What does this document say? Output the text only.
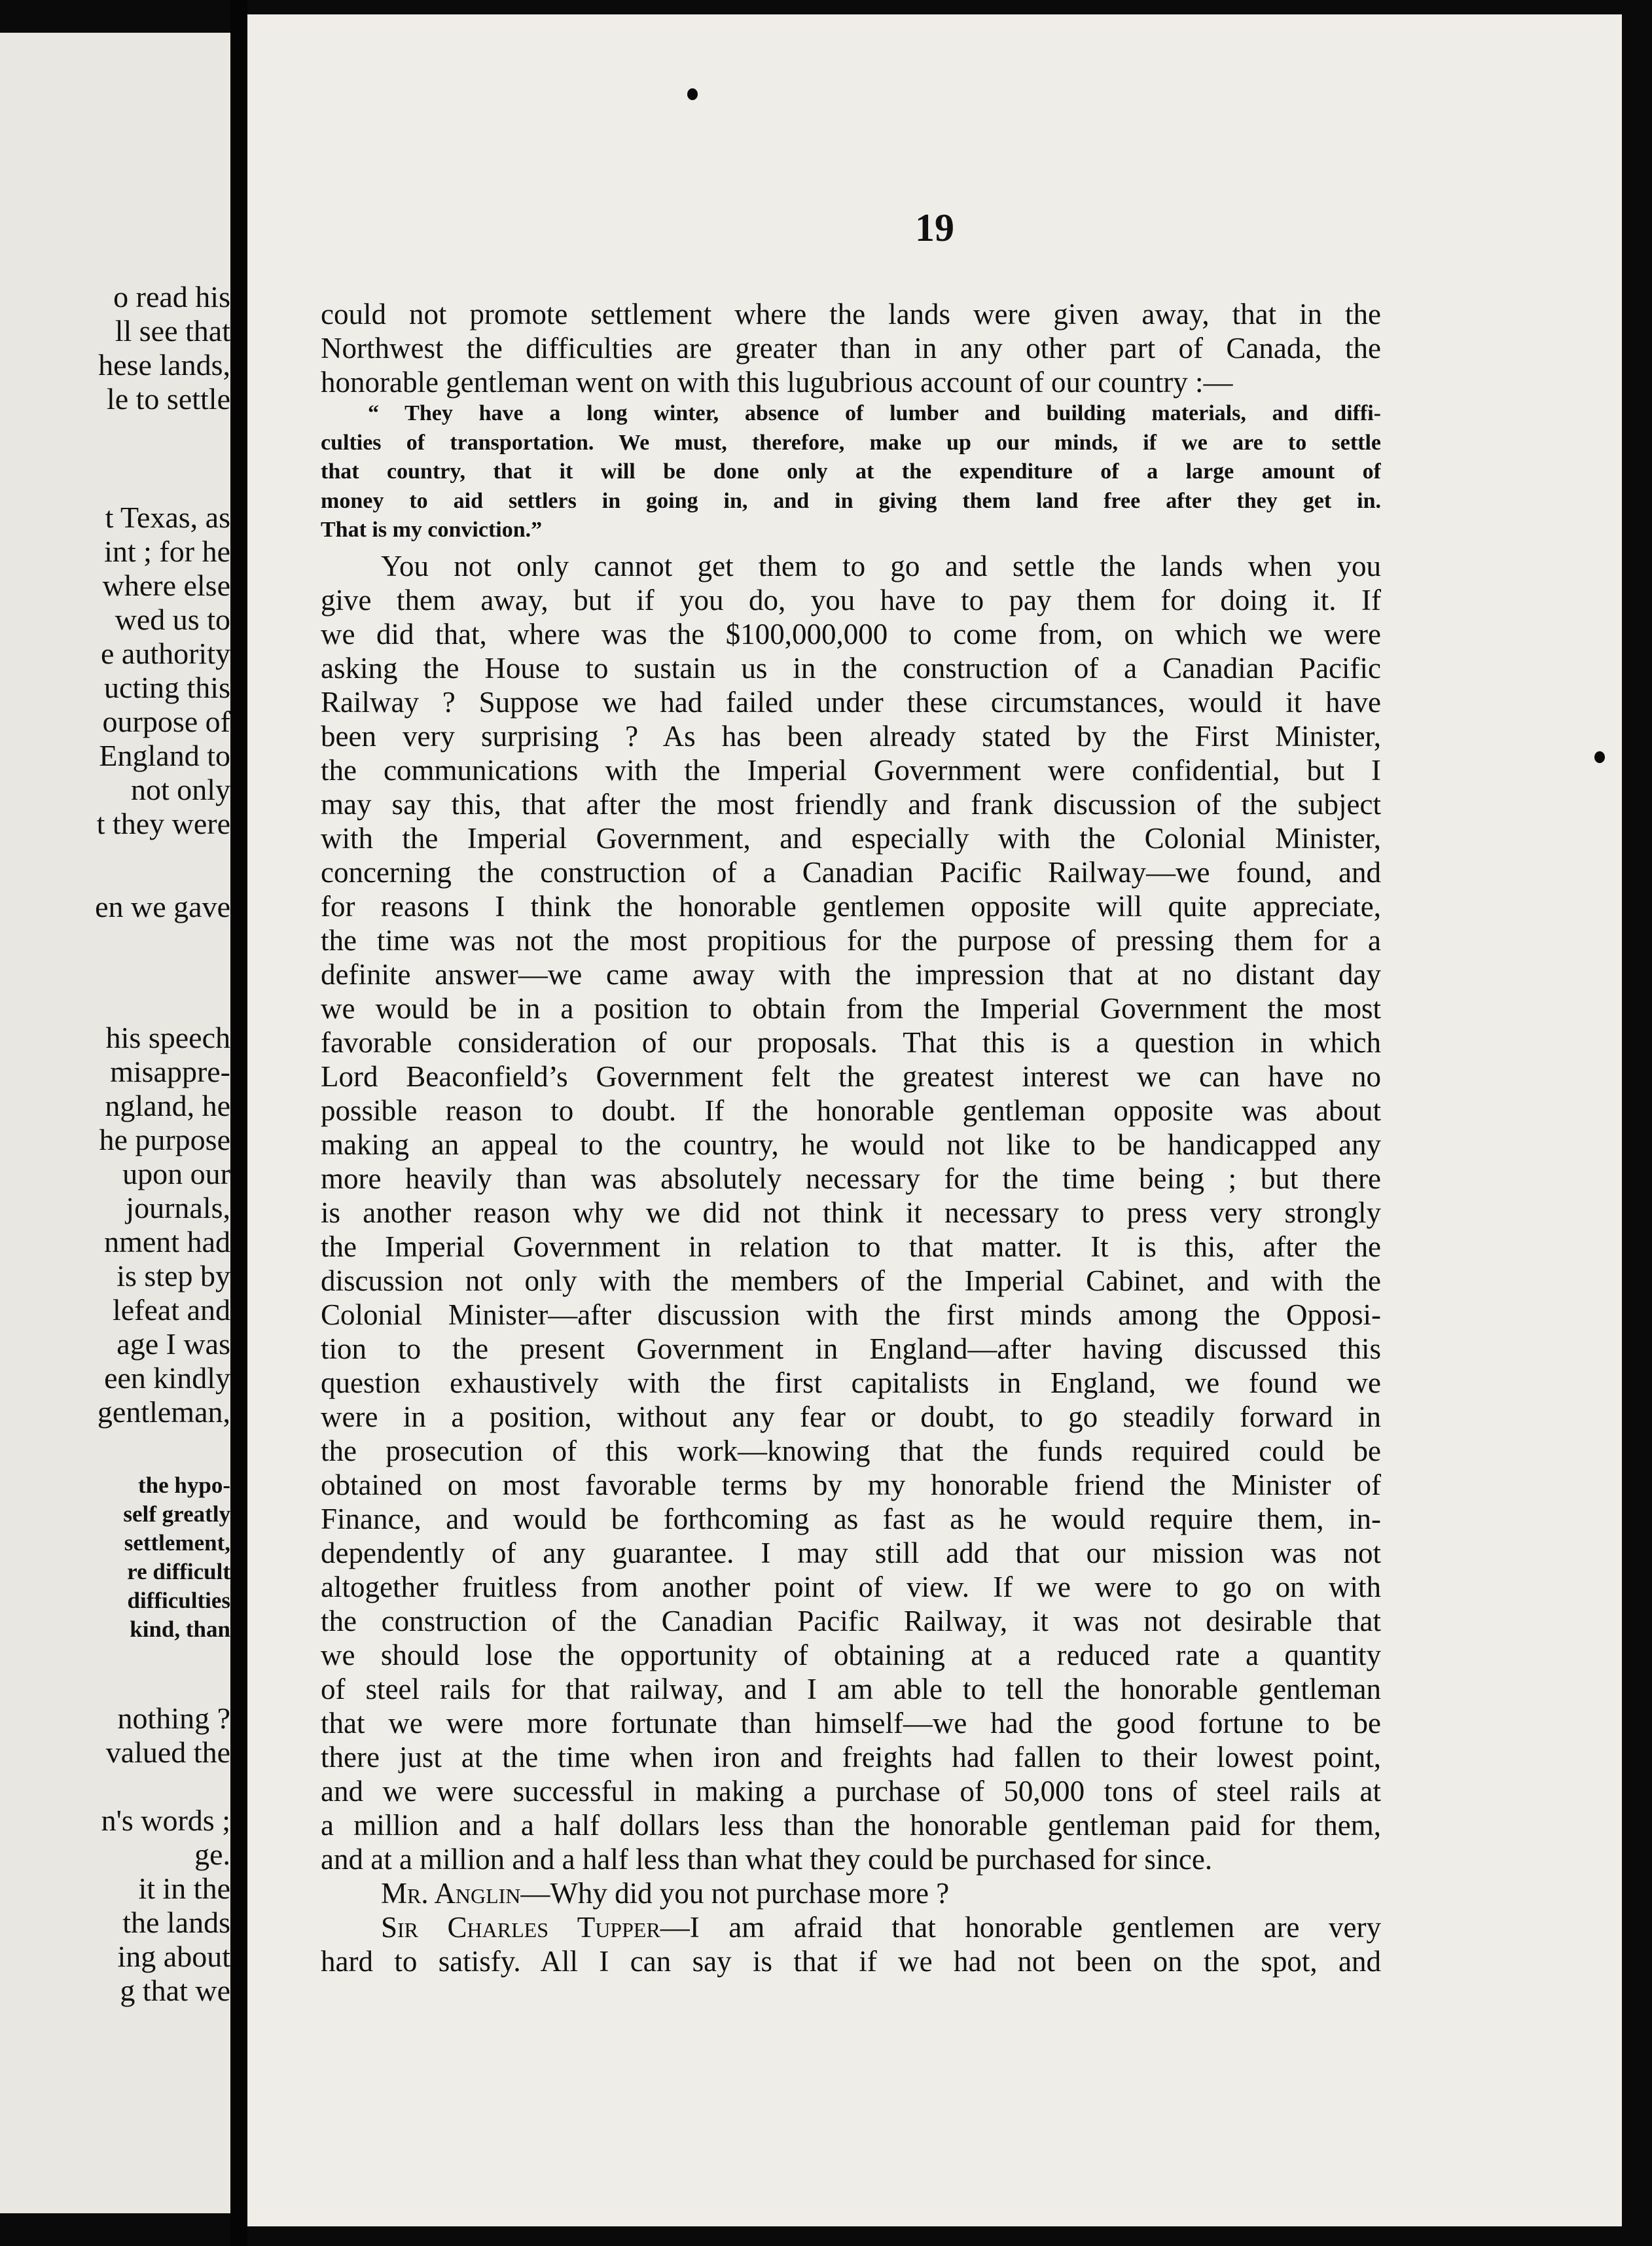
o read his
ll see that
hese lands,
le to settle
t Texas, as
int ; for he
where else
wed us to
e authority
ucting this
ourpose of
England to
not only
t they were
en we gave
his speech
misappre-
ngland, he
he purpose
upon our
journals,
nment had
is step by
lefeat and
age I was
een kindly
gentleman,
the hypo-
self greatly
settlement,
re difficult
difficulties
kind, than
nothing ?
valued the
n's words ;
ge.
it in the
the lands
ing about
g that we
19
could not promote settlement where the lands were given away, that in the
Northwest the difficulties are greater than in any other part of Canada, the
honorable gentleman went on with this lugubrious account of our country :—
“ They have a long winter, absence of lumber and building materials, and diffi-
culties of transportation. We must, therefore, make up our minds, if we are to settle
that country, that it will be done only at the expenditure of a large amount of
money to aid settlers in going in, and in giving them land free after they get in.
That is my conviction.”
You not only cannot get them to go and settle the lands when you
give them away, but if you do, you have to pay them for doing it. If
we did that, where was the $100,000,000 to come from, on which we were
asking the House to sustain us in the construction of a Canadian Pacific
Railway ? Suppose we had failed under these circumstances, would it have
been very surprising ? As has been already stated by the First Minister,
the communications with the Imperial Government were confidential, but I
may say this, that after the most friendly and frank discussion of the subject
with the Imperial Government, and especially with the Colonial Minister,
concerning the construction of a Canadian Pacific Railway—we found, and
for reasons I think the honorable gentlemen opposite will quite appreciate,
the time was not the most propitious for the purpose of pressing them for a
definite answer—we came away with the impression that at no distant day
we would be in a position to obtain from the Imperial Government the most
favorable consideration of our proposals. That this is a question in which
Lord Beaconfield’s Government felt the greatest interest we can have no
possible reason to doubt. If the honorable gentleman opposite was about
making an appeal to the country, he would not like to be handicapped any
more heavily than was absolutely necessary for the time being ; but there
is another reason why we did not think it necessary to press very strongly
the Imperial Government in relation to that matter. It is this, after the
discussion not only with the members of the Imperial Cabinet, and with the
Colonial Minister—after discussion with the first minds among the Opposi-
tion to the present Government in England—after having discussed this
question exhaustively with the first capitalists in England, we found we
were in a position, without any fear or doubt, to go steadily forward in
the prosecution of this work—knowing that the funds required could be
obtained on most favorable terms by my honorable friend the Minister of
Finance, and would be forthcoming as fast as he would require them, in-
dependently of any guarantee. I may still add that our mission was not
altogether fruitless from another point of view. If we were to go on with
the construction of the Canadian Pacific Railway, it was not desirable that
we should lose the opportunity of obtaining at a reduced rate a quantity
of steel rails for that railway, and I am able to tell the honorable gentleman
that we were more fortunate than himself—we had the good fortune to be
there just at the time when iron and freights had fallen to their lowest point,
and we were successful in making a purchase of 50,000 tons of steel rails at
a million and a half dollars less than the honorable gentleman paid for them,
and at a million and a half less than what they could be purchased for since.
Mr. Anglin—Why did you not purchase more ?
Sir Charles Tupper—I am afraid that honorable gentlemen are very
hard to satisfy. All I can say is that if we had not been on the spot, and
